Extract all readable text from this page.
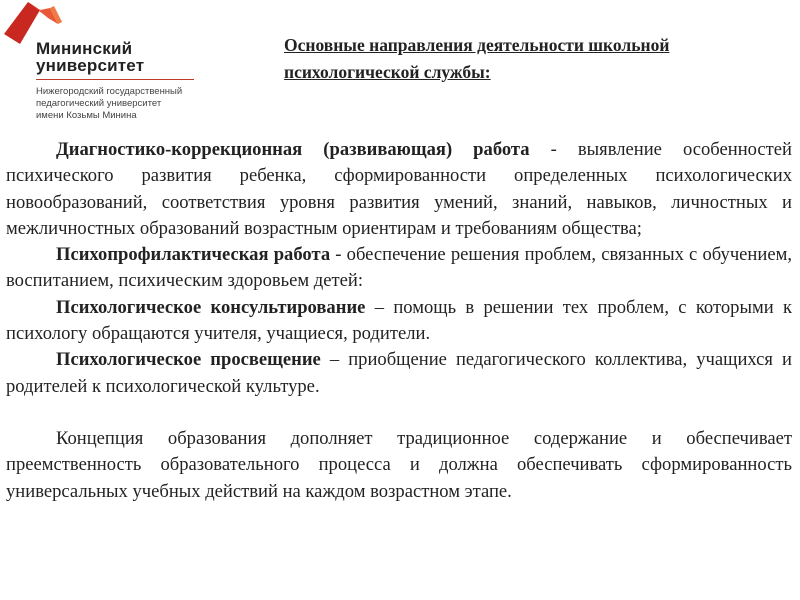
Мининский
университет
Нижегородский государственный
педагогический университет
имени Козьмы Минина
Основные направления деятельности школьной
психологической службы:

Диагностико-коррекционная (развивающая) работа - выявление особенностей психического развития ребенка, сформированности определенных психологических новообразований, соответствия уровня развития умений, знаний, навыков, личностных и межличностных образований возрастным ориентирам и требованиям общества;

Психопрофилактическая работа - обеспечение решения проблем, связанных с обучением, воспитанием, психическим здоровьем детей:

Психологическое консультирование – помощь в решении тех проблем, с которыми к психологу обращаются учителя, учащиеся, родители.

Психологическое просвещение – приобщение педагогического коллектива, учащихся и родителей к психологической культуре.

Концепция образования дополняет традиционное содержание и обеспечивает преемственность образовательного процесса и должна обеспечивать сформированность универсальных учебных действий на каждом возрастном этапе.
